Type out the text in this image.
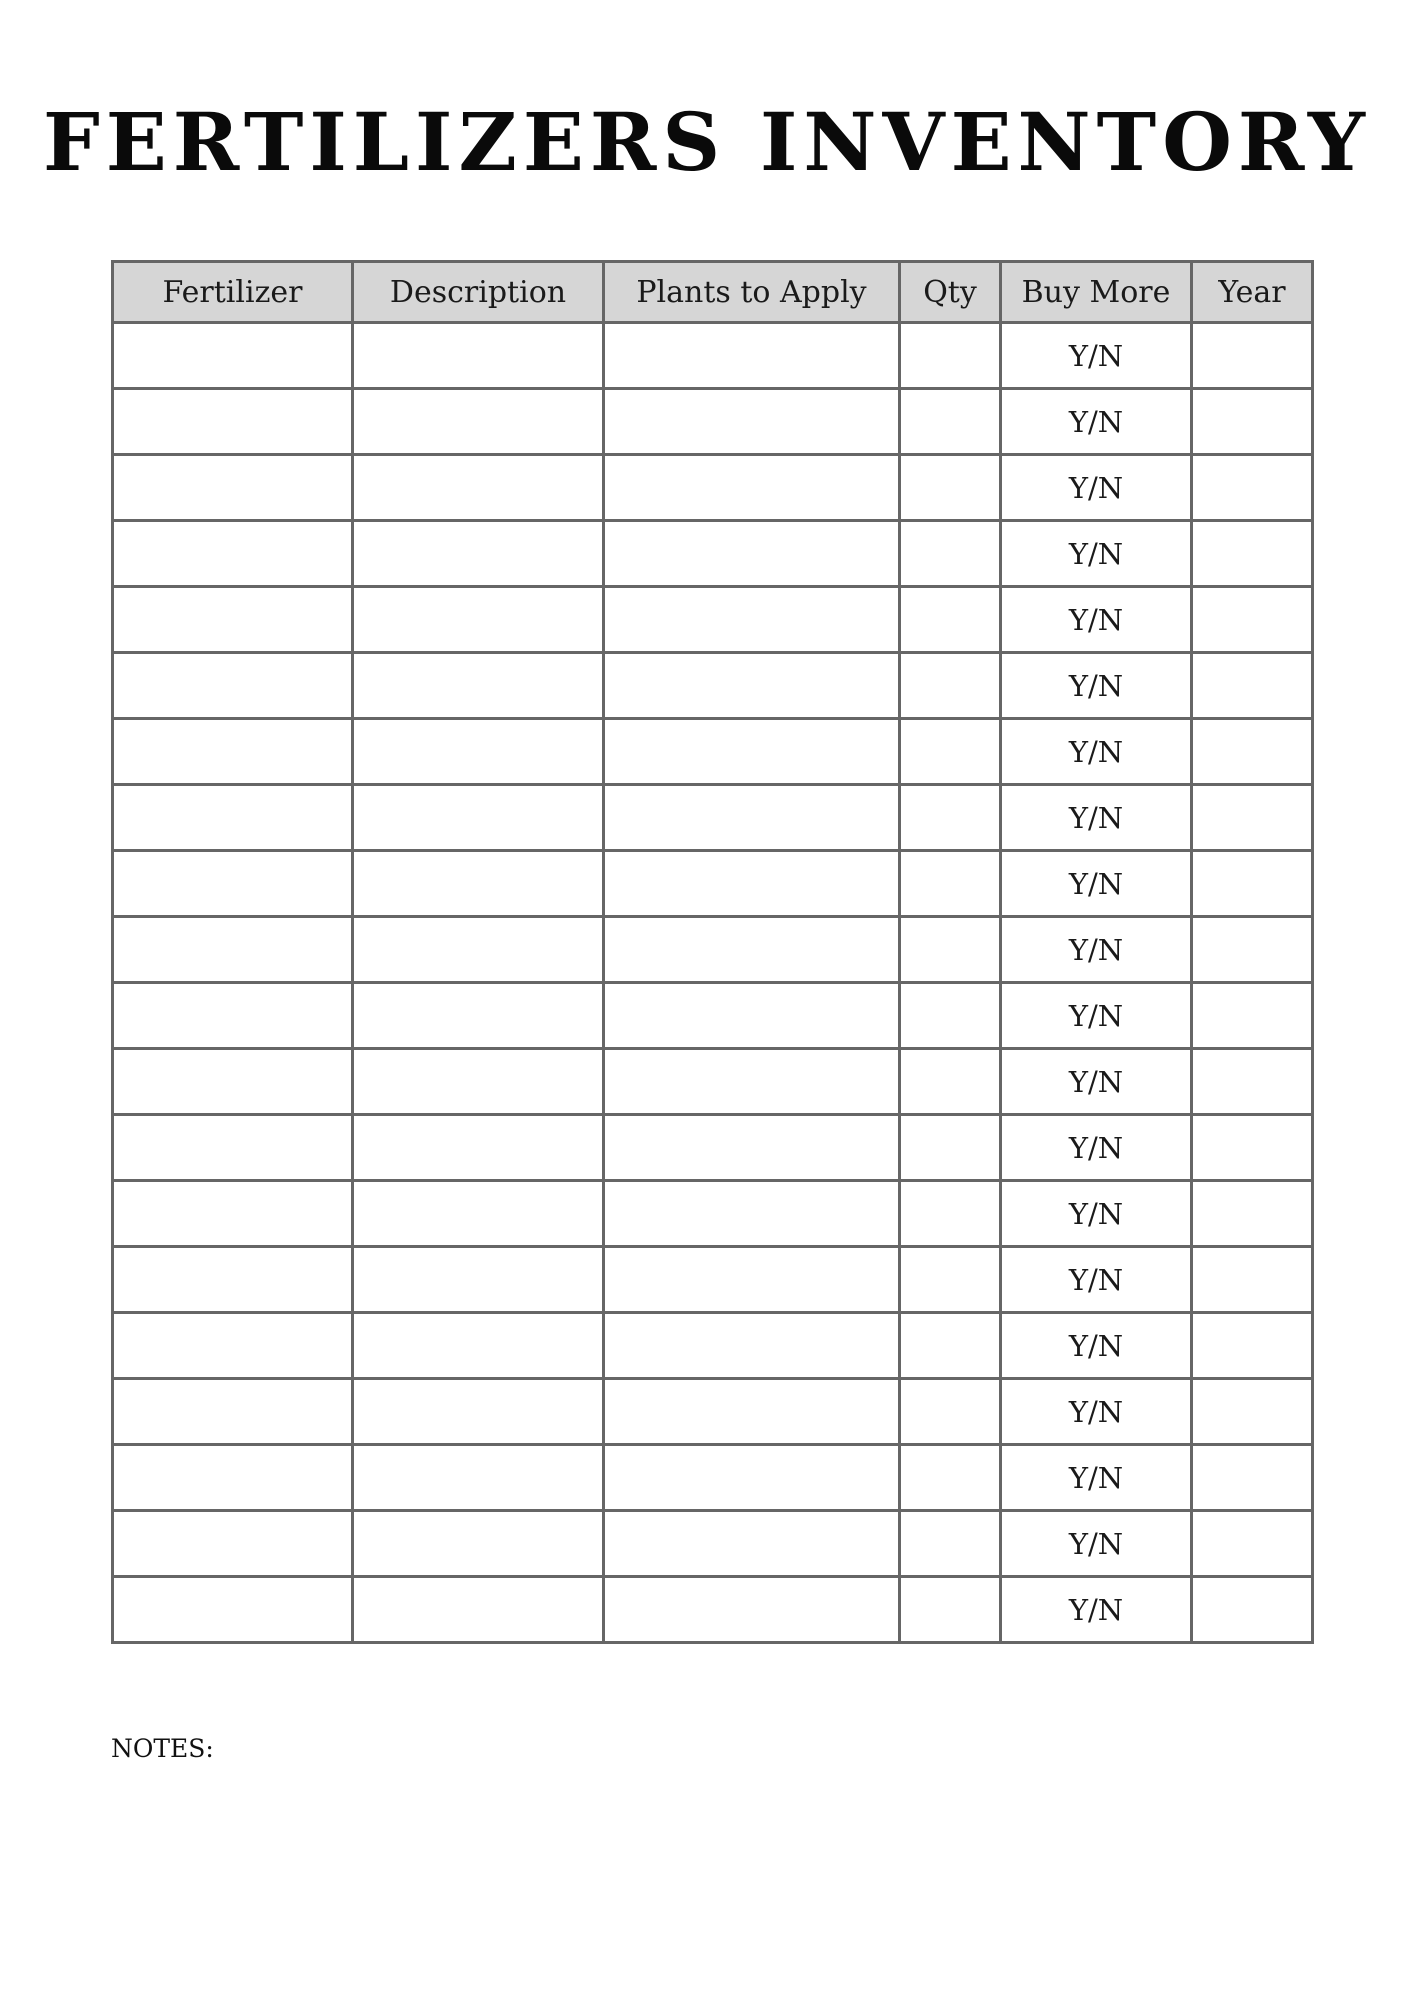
FERTILIZERS INVENTORY
Fertilizer	Description	Plants to Apply	Qty	Buy More	Year
				Y/N	
				Y/N	
				Y/N	
				Y/N	
				Y/N	
				Y/N	
				Y/N	
				Y/N	
				Y/N	
				Y/N	
				Y/N	
				Y/N	
				Y/N	
				Y/N	
				Y/N	
				Y/N	
				Y/N	
				Y/N	
				Y/N	
				Y/N	
NOTES:
